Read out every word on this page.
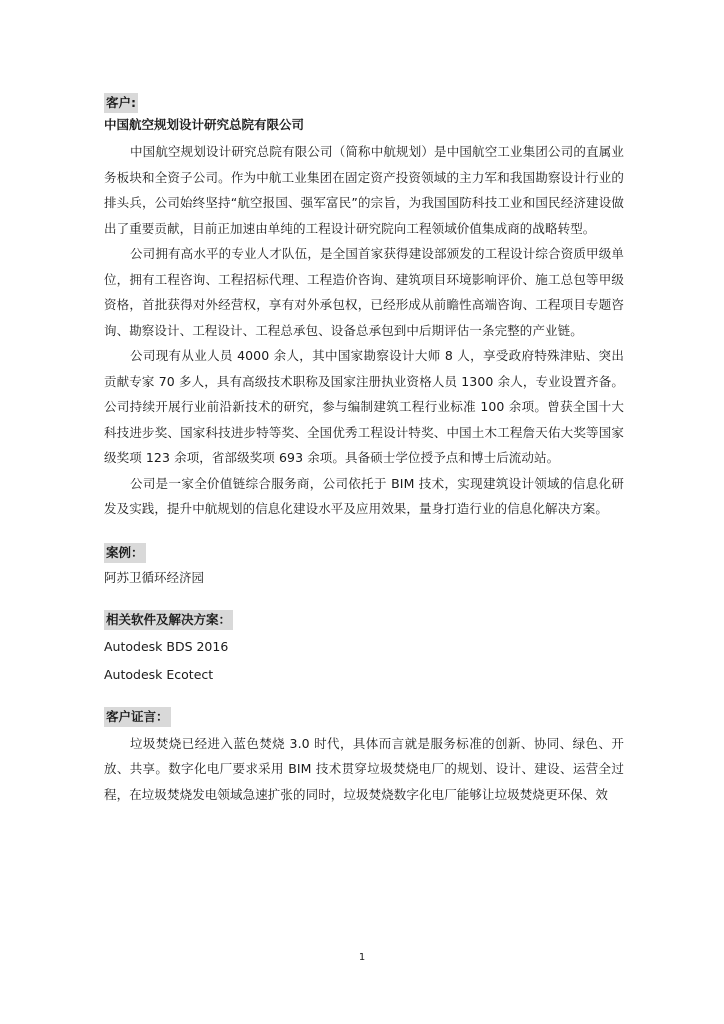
客户:
中国航空规划设计研究总院有限公司

中国航空规划设计研究总院有限公司（简称中航规划）是中国航空工业集团公司的直属业务板块和全资子公司。作为中航工业集团在固定资产投资领域的主力军和我国勘察设计行业的排头兵，公司始终坚持“航空报国、强军富民”的宗旨，为我国国防科技工业和国民经济建设做出了重要贡献，目前正加速由单纯的工程设计研究院向工程领域价值集成商的战略转型。

公司拥有高水平的专业人才队伍，是全国首家获得建设部颁发的工程设计综合资质甲级单位，拥有工程咨询、工程招标代理、工程造价咨询、建筑项目环境影响评价、施工总包等甲级资格，首批获得对外经营权，享有对外承包权，已经形成从前瞻性高端咨询、工程项目专题咨询、勘察设计、工程设计、工程总承包、设备总承包到中后期评估一条完整的产业链。

公司现有从业人员 4000 余人，其中国家勘察设计大师 8 人，享受政府特殊津贴、突出贡献专家 70 多人，具有高级技术职称及国家注册执业资格人员 1300 余人，专业设置齐备。公司持续开展行业前沿新技术的研究，参与编制建筑工程行业标准 100 余项。曾获全国十大科技进步奖、国家科技进步特等奖、全国优秀工程设计特奖、中国土木工程詹天佑大奖等国家级奖项 123 余项，省部级奖项 693 余项。具备硕士学位授予点和博士后流动站。

公司是一家全价值链综合服务商，公司依托于 BIM 技术，实现建筑设计领域的信息化研发及实践，提升中航规划的信息化建设水平及应用效果，量身打造行业的信息化解决方案。

案例：

阿苏卫循环经济园

相关软件及解决方案：

Autodesk BDS 2016

Autodesk Ecotect

客户证言：

垃圾焚烧已经进入蓝色焚烧 3.0 时代，具体而言就是服务标准的创新、协同、绿色、开放、共享。数字化电厂要求采用 BIM 技术贯穿垃圾焚烧电厂的规划、设计、建设、运营全过程，在垃圾焚烧发电领域急速扩张的同时，垃圾焚烧数字化电厂能够让垃圾焚烧更环保、效

1
